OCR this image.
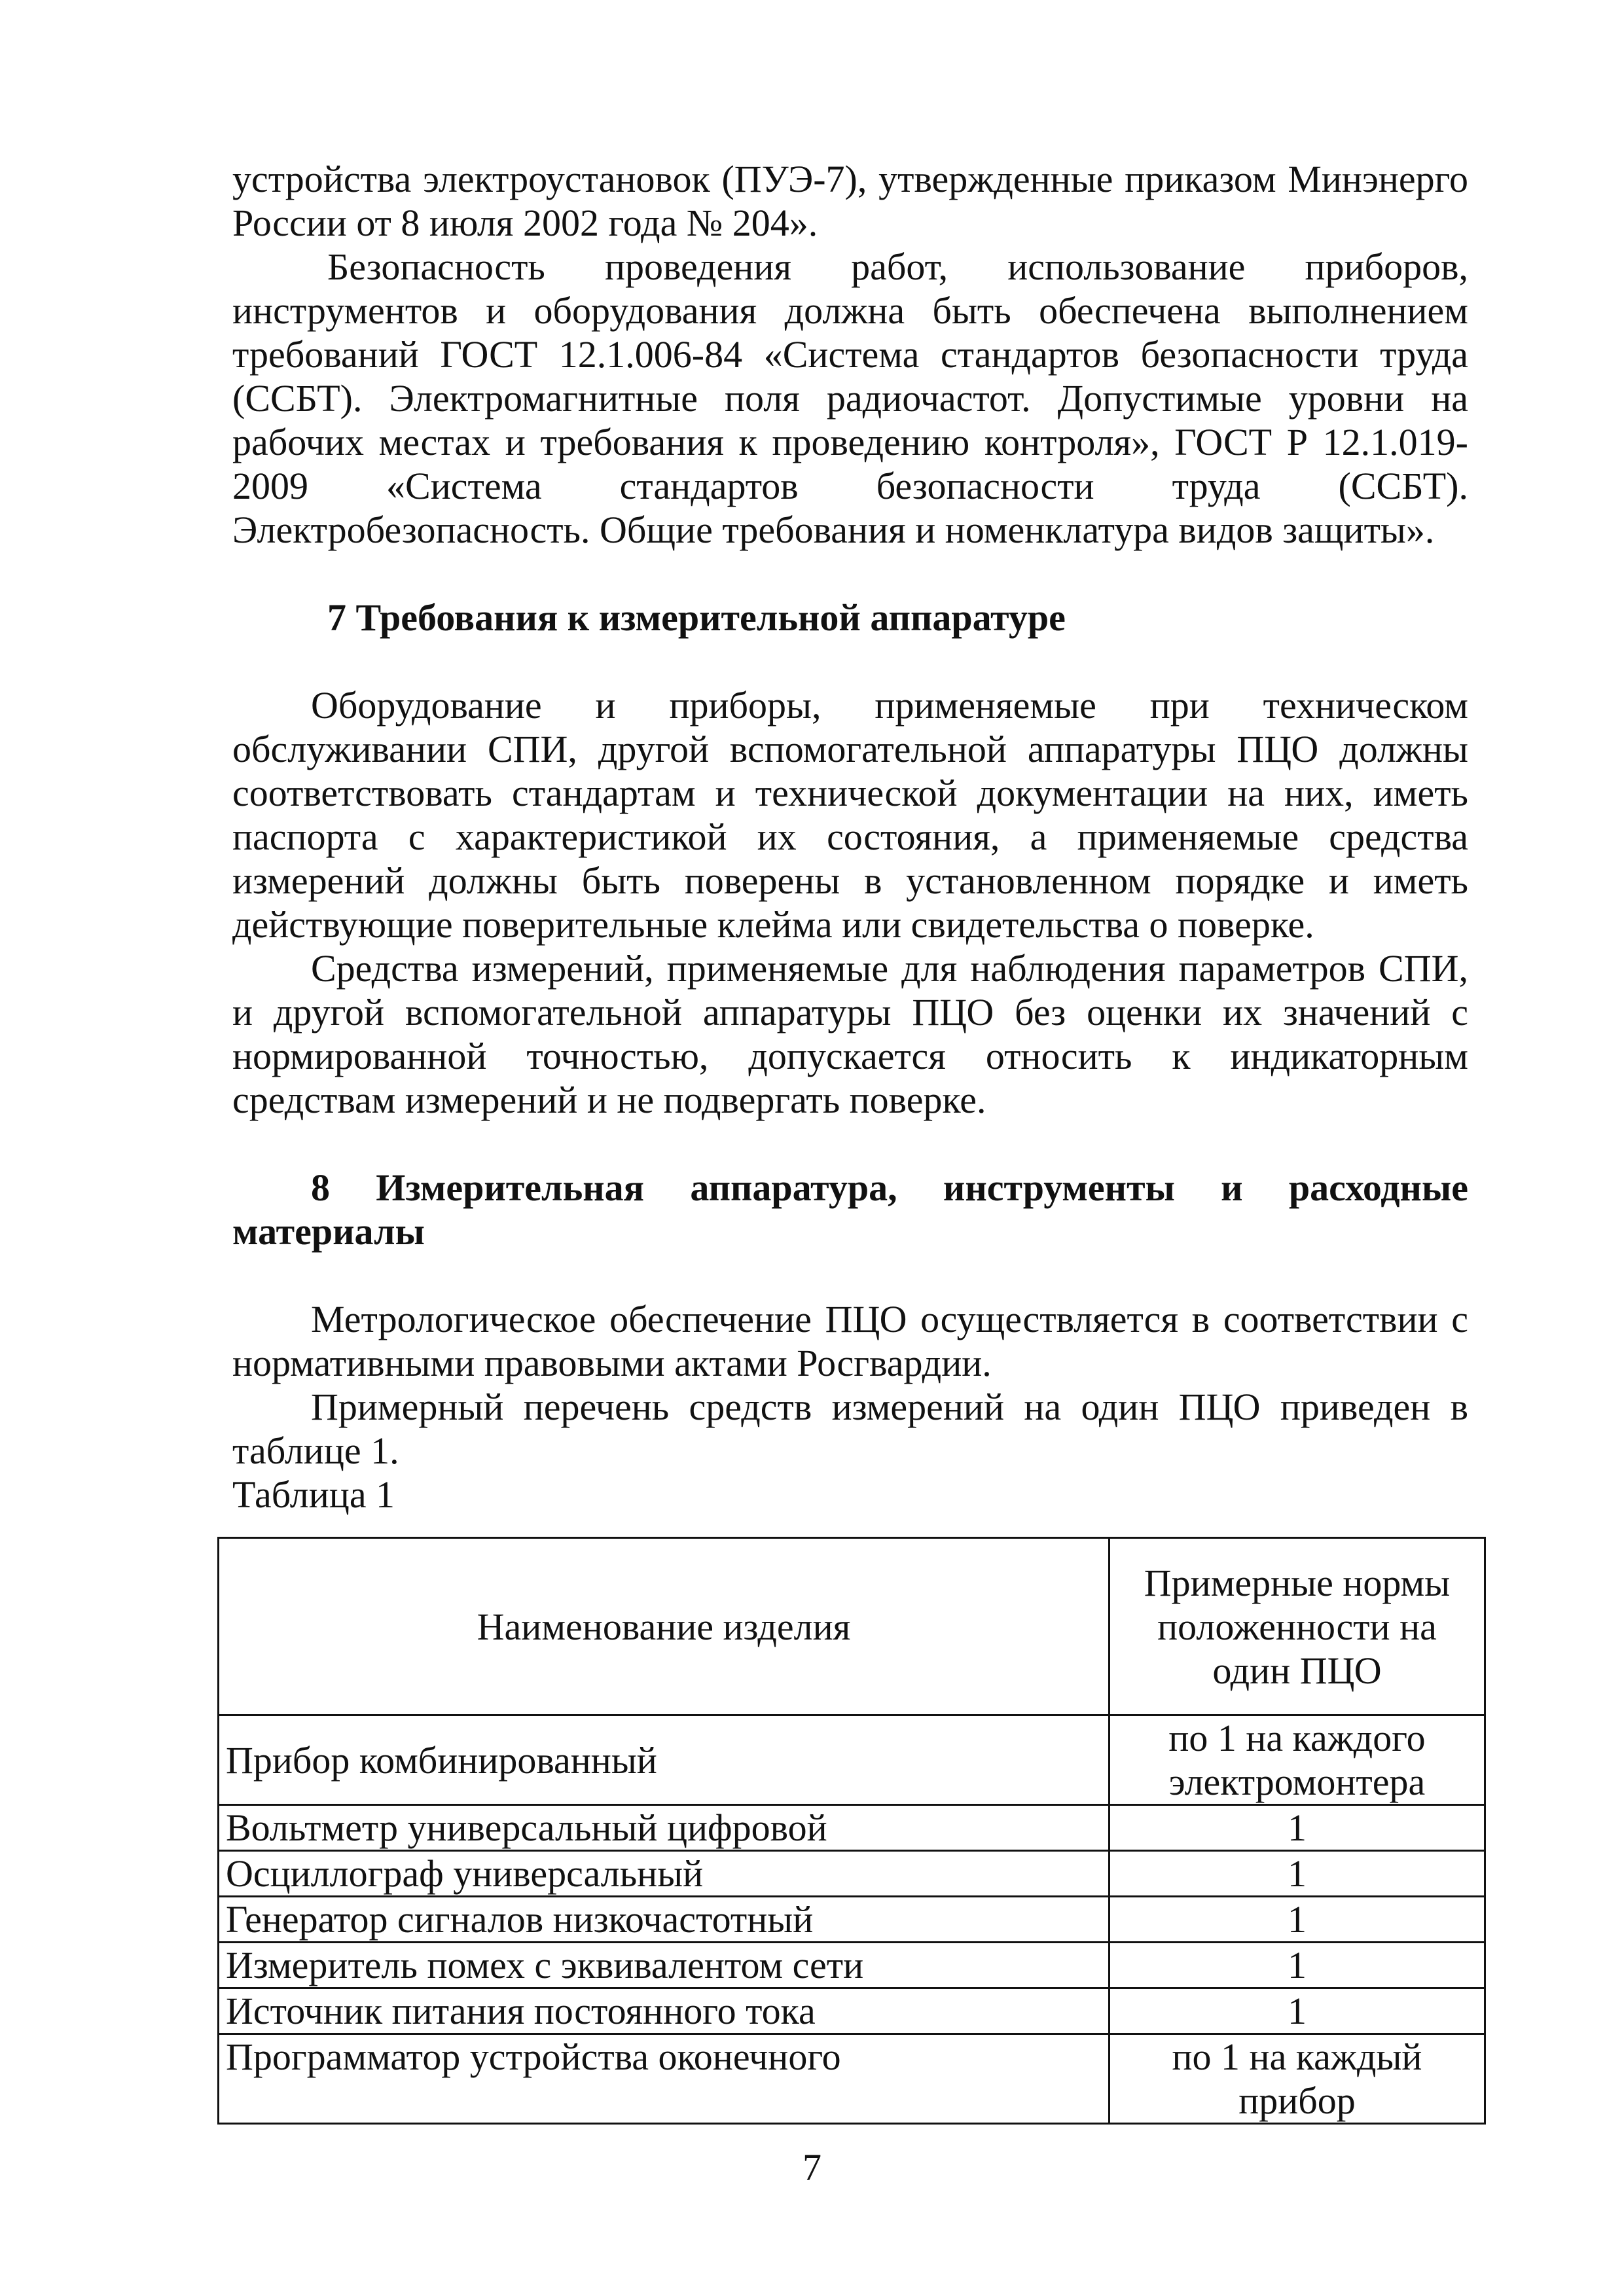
устройства электроустановок (ПУЭ-7), утвержденные приказом Минэнерго России от 8 июля 2002 года № 204».

Безопасность проведения работ, использование приборов, инструментов и оборудования должна быть обеспечена выполнением требований ГОСТ 12.1.006-84 «Система стандартов безопасности труда (ССБТ). Электромагнитные поля радиочастот. Допустимые уровни на рабочих местах и требования к проведению контроля», ГОСТ Р 12.1.019-2009 «Система стандартов безопасности труда (ССБТ). Электробезопасность. Общие требования и номенклатура видов защиты».

7 Требования к измерительной аппаратуре

Оборудование и приборы, применяемые при техническом обслуживании СПИ, другой вспомогательной аппаратуры ПЦО должны соответствовать стандартам и технической документации на них, иметь паспорта с характеристикой их состояния, а применяемые средства измерений должны быть поверены в установленном порядке и иметь действующие поверительные клейма или свидетельства о поверке.

Средства измерений, применяемые для наблюдения параметров СПИ, и другой вспомогательной аппаратуры ПЦО без оценки их значений с нормированной точностью, допускается относить к индикаторным средствам измерений и не подвергать поверке.

8 Измерительная аппаратура, инструменты и расходные материалы

Метрологическое обеспечение ПЦО осуществляется в соответствии с нормативными правовыми актами Росгвардии.

Примерный перечень средств измерений на один ПЦО приведен в таблице 1.

Таблица 1

Наименование изделия	Примерные нормы положенности на один ПЦО
Прибор комбинированный	по 1 на каждого электромонтера
Вольтметр универсальный цифровой	1
Осциллограф универсальный	1
Генератор сигналов низкочастотный	1
Измеритель помех с эквивалентом сети	1
Источник питания постоянного тока	1
Программатор устройства оконечного	по 1 на каждый прибор
7
